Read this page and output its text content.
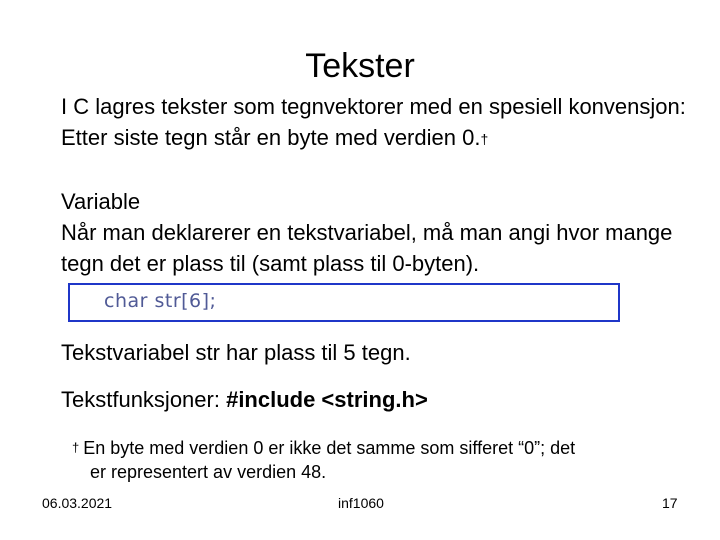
Tekster

I C lagres tekster som tegnvektorer med en spesiell konvensjon: Etter siste tegn står en byte med verdien 0.†

Variable
Når man deklarerer en tekstvariabel, må man angi hvor mange tegn det er plass til (samt plass til 0-byten).
char str[6];

Tekstvariabel str har plass til 5 tegn.

Tekstfunksjoner: #include <string.h>

† En byte med verdien 0 er ikke det samme som sifferet “0”; det
er representert av verdien 48.
06.03.2021	inf1060	17
